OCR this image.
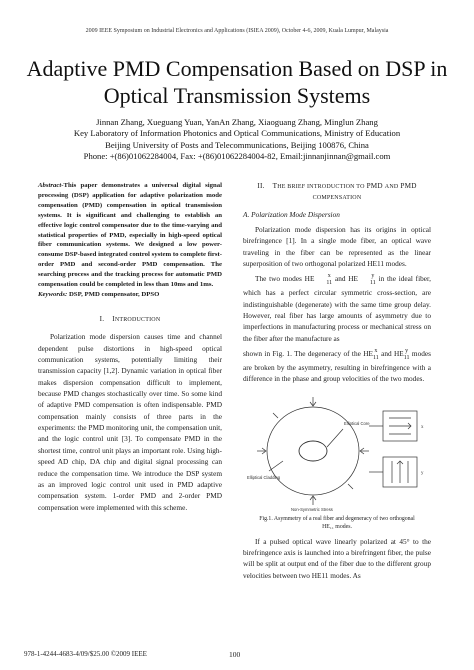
2009 IEEE Symposium on Industrial Electronics and Applications (ISIEA 2009), October 4-6, 2009, Kuala Lumpur, Malaysia
Adaptive PMD Compensation Based on DSP in
Optical Transmission Systems
Jinnan Zhang, Xueguang Yuan, YanAn Zhang, Xiaoguang Zhang, Minglun Zhang
Key Laboratory of Information Photonics and Optical Communications, Ministry of Education
Beijing University of Posts and Telecommunications, Beijing 100876, China
Phone: +(86)01062284004, Fax: +(86)01062284004-82, Email:jinnanjinnan@gmail.com

Abstract-This paper demonstrates a universal digital signal processing (DSP) application for adaptive polarization mode compensation (PMD) compensation in optical transmission systems. It is significant and challenging to establish an effective logic control compensator due to the time-varying and statistical properties of PMD, especially in high-speed optical fiber communication systems. We designed a low power-consume DSP-based integrated control system to complete first-order PMD and second-order PMD compensation. The searching process and the tracking process for automatic PMD compensation could be completed in less than 10ms and 1ms.

Keywords: DSP, PMD compensator, DPSO

I. INTRODUCTION

Polarization mode dispersion causes time and channel dependent pulse distortions in high-speed optical communication systems, potentially limiting their transmission capacity [1,2]. Dynamic variation in optical fiber makes dispersion compensation difficult to implement, because PMD changes stochastically over time. So some kind of adaptive PMD compensation is often indispensable. PMD compensation mainly consists of three parts in the experiments: the PMD monitoring unit, the compensation unit, and the logic control unit [3]. To compensate PMD in the shortest time, control unit plays an important role. Using high-speed AD chip, DA chip and digital signal processing can reduce the compensation time. We introduce the DSP system as an improved logic control unit used in PMD adaptive compensation system. 1-order PMD and 2-order PMD compensation were implemented with this scheme.

II. THE BRIEF INTRODUCTION TO PMD AND PMD
COMPENSATION
A. Polarization Mode Dispersion

Polarization mode dispersion has its origins in optical birefringence [1]. In a single mode fiber, an optical wave traveling in the fiber can be represented as the linear superposition of two orthogonal polarized HE11 modes.

The two modes HE	x
11 and HE	y
11 in the ideal fiber, which has a perfect circular symmetric cross-section, are indistinguishable (degenerate) with the same time group delay. However, real fiber has large amounts of asymmetry due to imperfections in manufacturing process or mechanical stress on the fiber after the manufacture as

shown in Fig. 1. The degeneracy of the HE x
11 and HE y
11 modes are broken by the asymmetry, resulting in birefringence with a difference in the phase and group velocities of the two modes.

Elliptical Core
Elliptical Cladding
Non-Symmetric Stress
x
y
Fig.1. Asymmetry of a real fiber and degeneracy of two orthogonal
HE₁₁ modes.

If a pulsed optical wave linearly polarized at 45° to the birefringence axis is launched into a birefringent fiber, the pulse will be split at output end of the fiber due to the different group velocities between two HE11 modes. As

978-1-4244-4683-4/09/$25.00 ©2009 IEEE	100
